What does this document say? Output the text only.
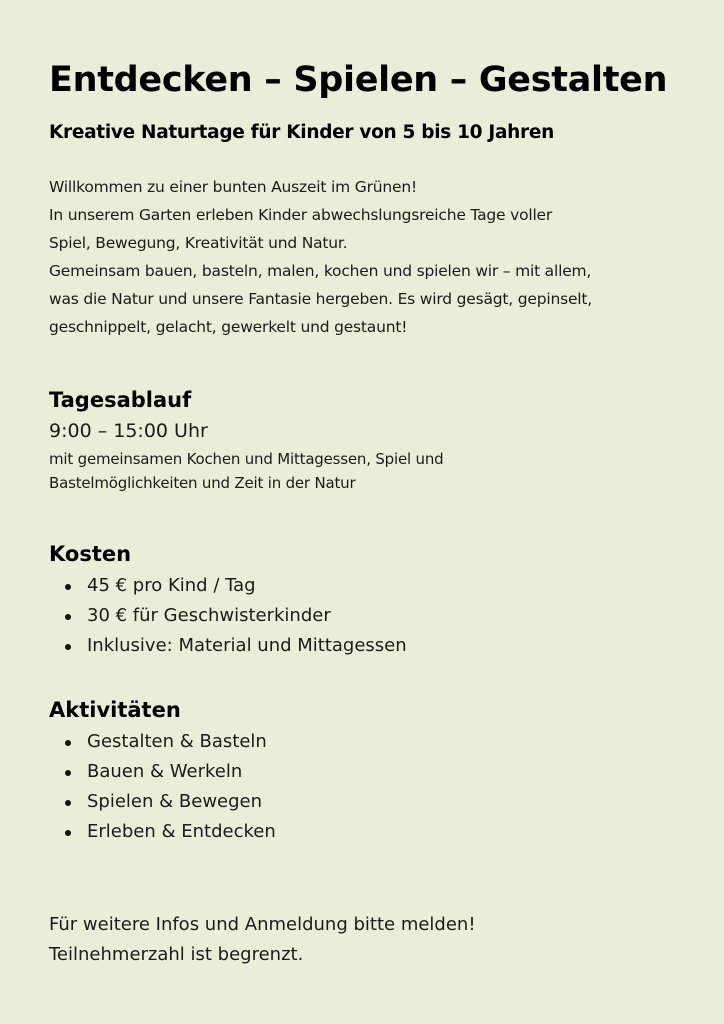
Entdecken – Spielen – Gestalten
Kreative Naturtage für Kinder von 5 bis 10 Jahren

Willkommen zu einer bunten Auszeit im Grünen!

In unserem Garten erleben Kinder abwechslungsreiche Tage voller

Spiel, Bewegung, Kreativität und Natur.

Gemeinsam bauen, basteln, malen, kochen und spielen wir – mit allem,

was die Natur und unsere Fantasie hergeben. Es wird gesägt, gepinselt,

geschnippelt, gelacht, gewerkelt und gestaunt!

Tagesablauf
9:00 – 15:00 Uhr
mit gemeinsamen Kochen und Mittagessen, Spiel und
Bastelmöglichkeiten und Zeit in der Natur
Kosten
45 € pro Kind / Tag
30 € für Geschwisterkinder
Inklusive: Material und Mittagessen
Aktivitäten
Gestalten & Basteln
Bauen & Werkeln
Spielen & Bewegen
Erleben & Entdecken

Für weitere Infos und Anmeldung bitte melden!

Teilnehmerzahl ist begrenzt.
